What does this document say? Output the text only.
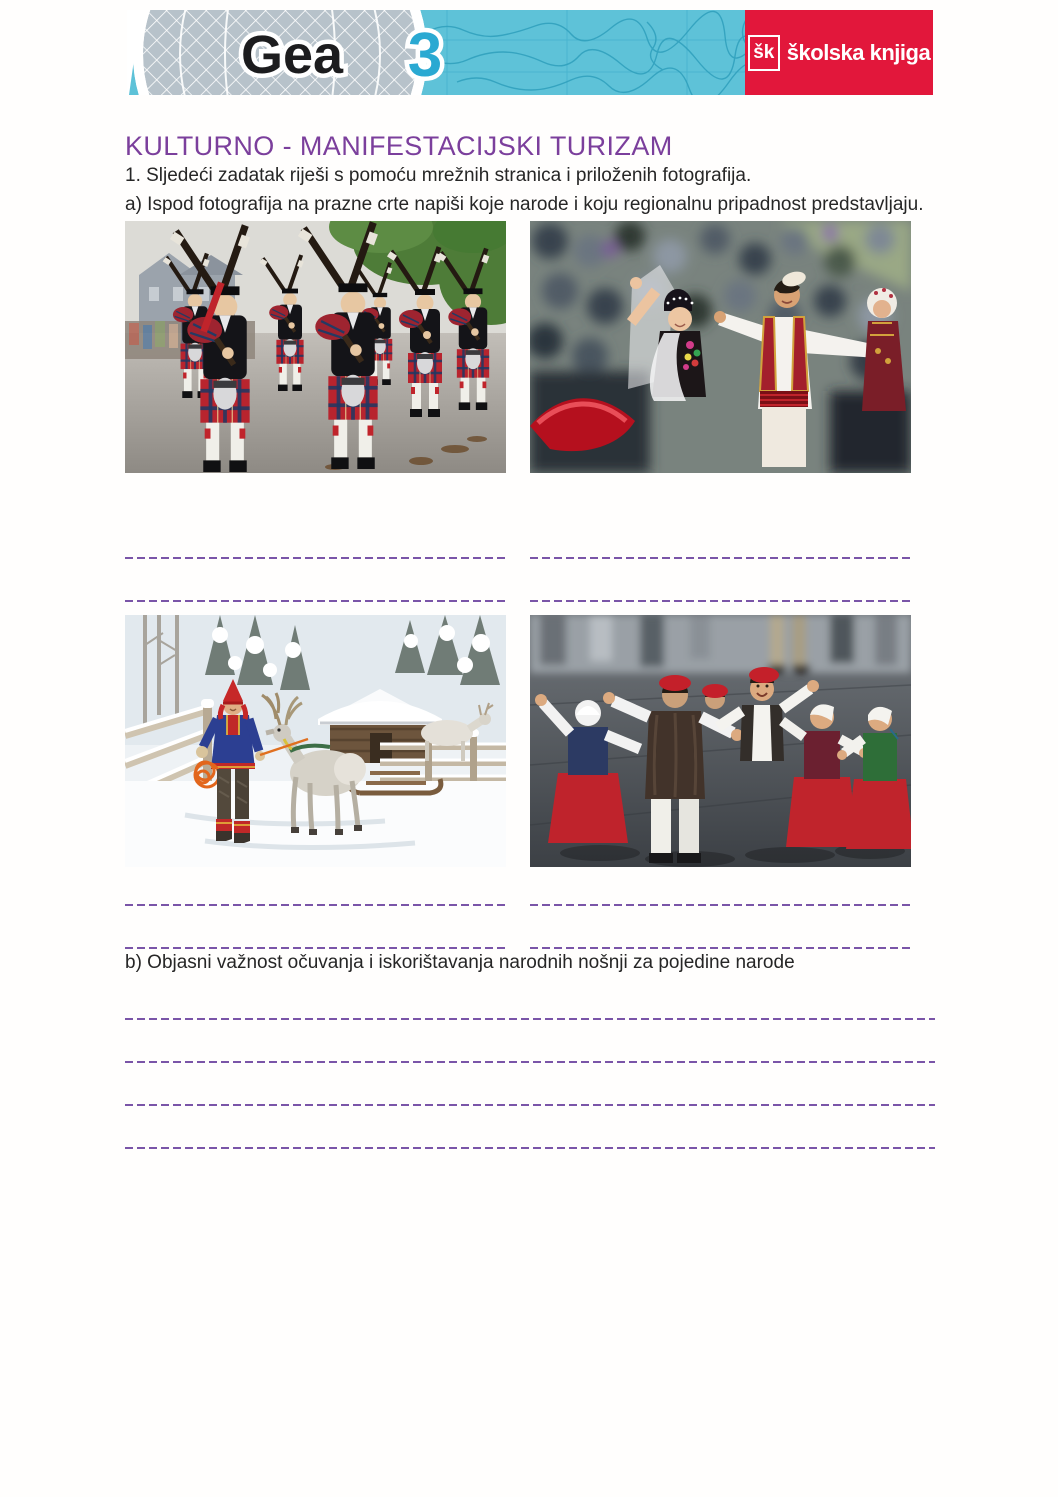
Gea 3	šk školska knjiga
KULTURNO - MANIFESTACIJSKI TURIZAM

1. Sljedeći zadatak riješi s pomoću mrežnih stranica i priloženih fotografija.

a) Ispod fotografija na prazne crte napiši koje narode i koju regionalnu pripadnost predstavljaju.

b) Objasni važnost očuvanja i iskorištavanja narodnih nošnji za pojedine narode
